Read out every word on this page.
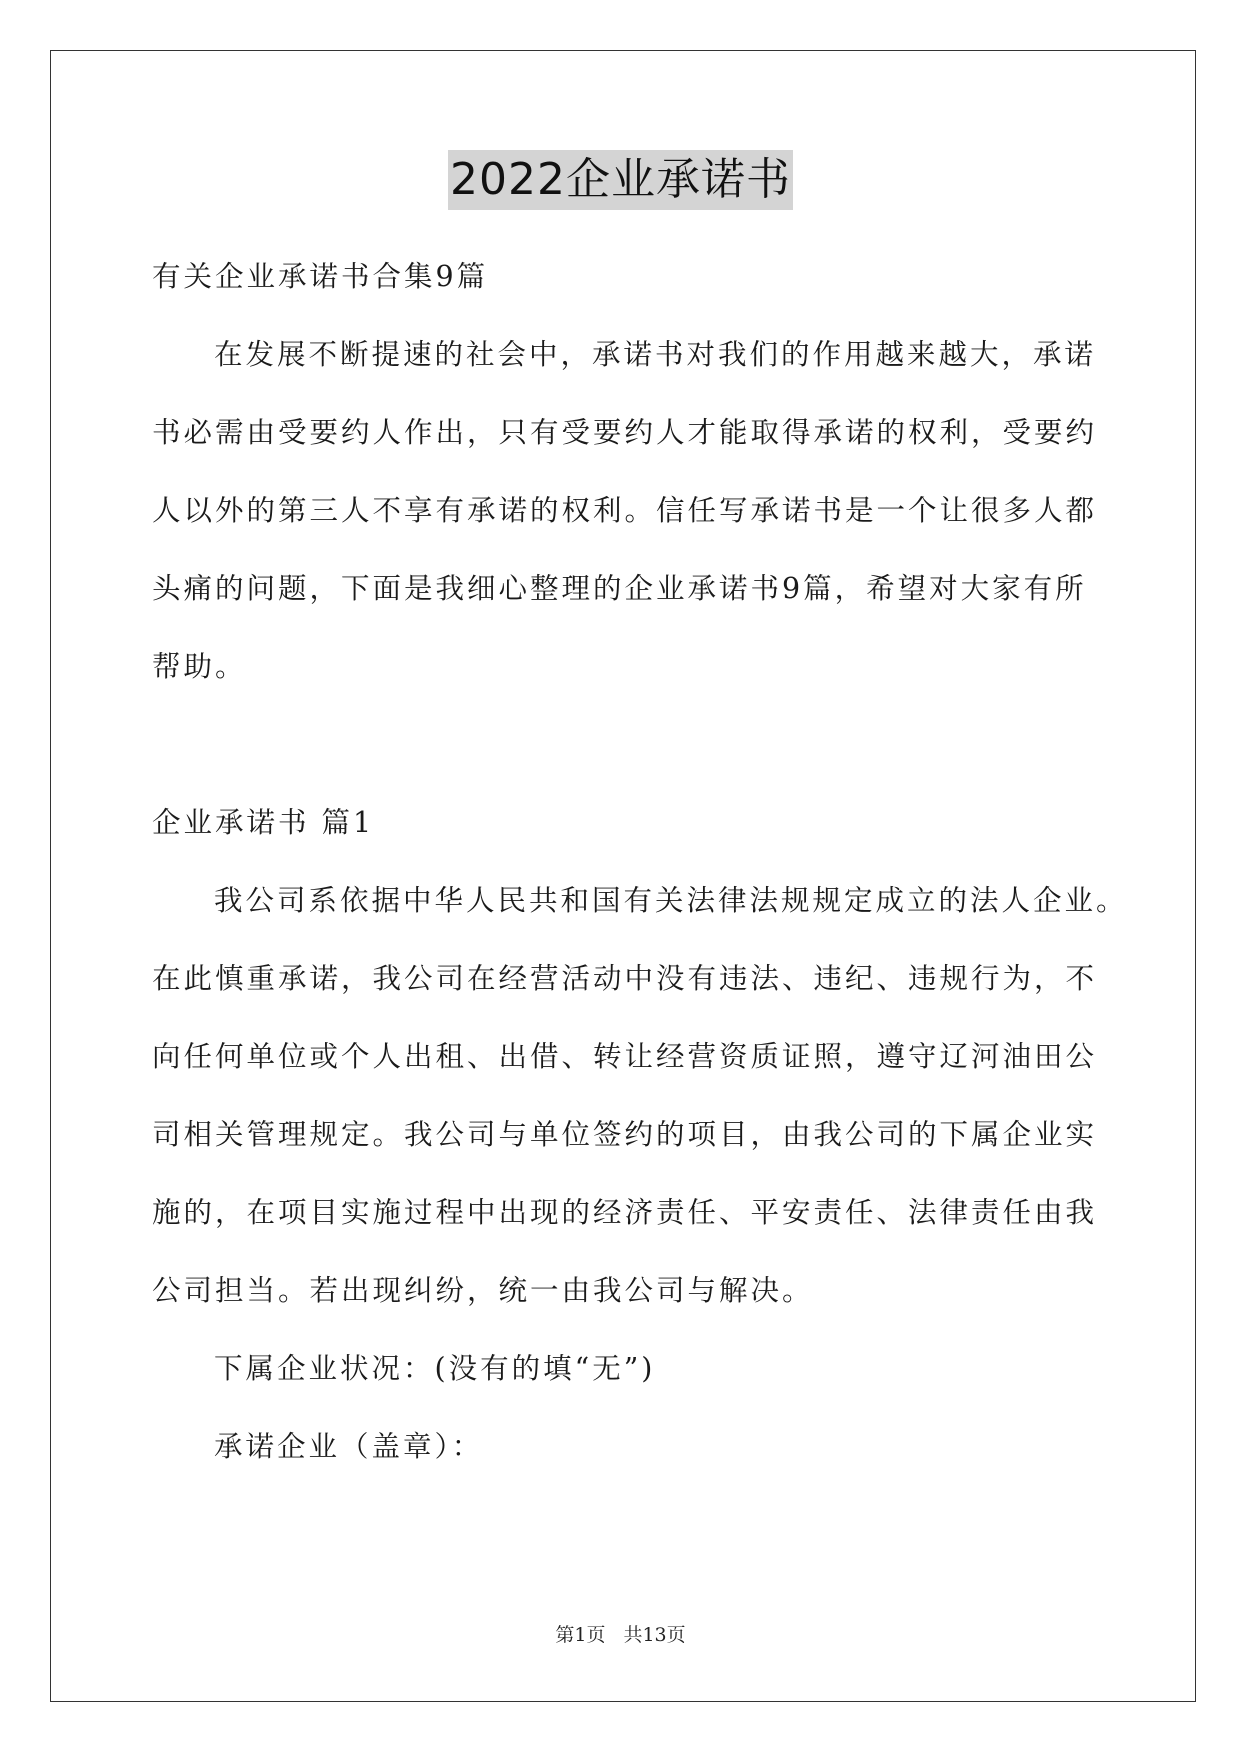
2022企业承诺书
有关企业承诺书合集9篇
在发展不断提速的社会中，承诺书对我们的作用越来越大，承诺
书必需由受要约人作出，只有受要约人才能取得承诺的权利，受要约
人以外的第三人不享有承诺的权利。信任写承诺书是一个让很多人都
头痛的问题，下面是我细心整理的企业承诺书9篇，希望对大家有所
帮助。
企业承诺书 篇1
我公司系依据中华人民共和国有关法律法规规定成立的法人企业。
在此慎重承诺，我公司在经营活动中没有违法、违纪、违规行为，不
向任何单位或个人出租、出借、转让经营资质证照，遵守辽河油田公
司相关管理规定。我公司与单位签约的项目，由我公司的下属企业实
施的，在项目实施过程中出现的经济责任、平安责任、法律责任由我
公司担当。若出现纠纷，统一由我公司与解决。
下属企业状况：(没有的填“无”)
承诺企业（盖章）：
第1页 共13页
